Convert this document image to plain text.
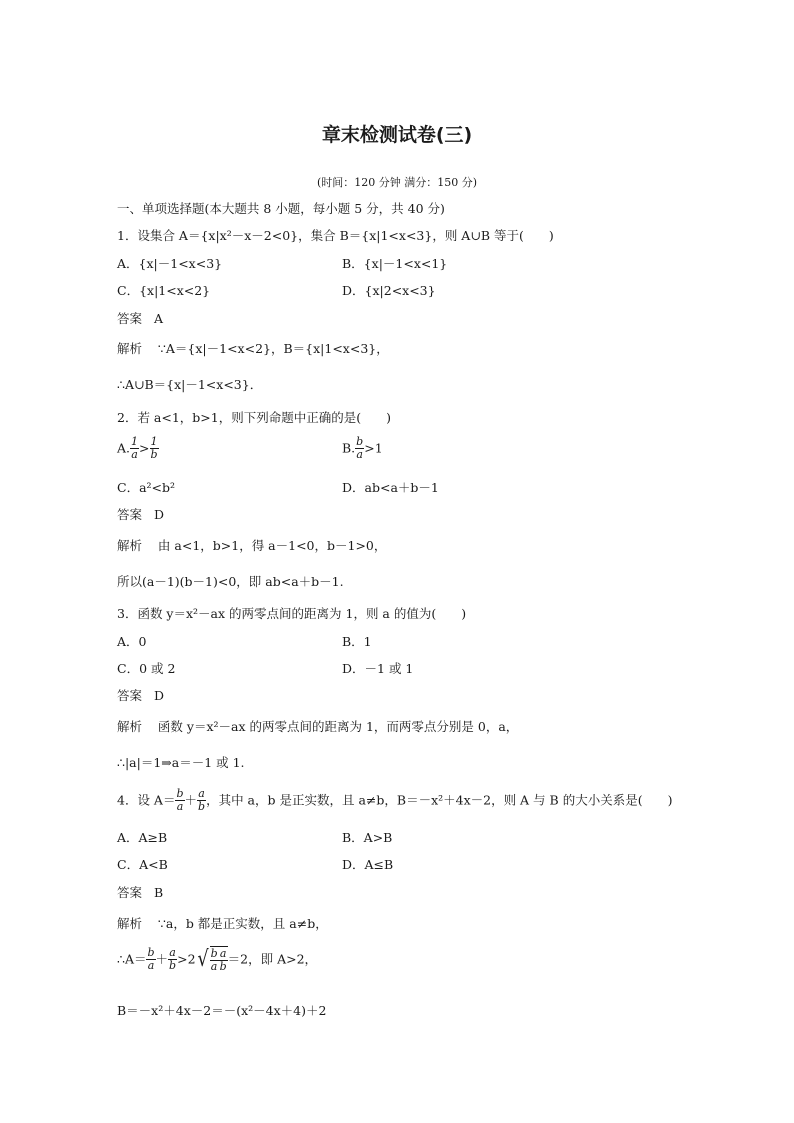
章末检测试卷(三)
(时间：120 分钟 满分：150 分)
一、单项选择题(本大题共 8 小题，每小题 5 分，共 40 分)
1．设集合 A＝{x|x²－x－2<0}，集合 B＝{x|1<x<3}，则 A∪B 等于(　　)
A．{x|－1<x<3}	B．{x|－1<x<1}
C．{x|1<x<2}	D．{x|2<x<3}
答案 A
解析 ∵A＝{x|－1<x<2}，B＝{x|1<x<3}，
∴A∪B＝{x|－1<x<3}．
2．若 a<1，b>1，则下列命题中正确的是(　　)
A. $\frac{1}{a} > \frac{1}{b}$	B. $\frac{b}{a} >1$
C．a²<b²	D．ab<a＋b－1
答案 D
解析 由 a<1，b>1，得 a－1<0，b－1>0，
所以(a－1)(b－1)<0，即 ab<a＋b－1.
3．函数 y＝x²－ax 的两零点间的距离为 1，则 a 的值为(　　)
A．0	B．1
C．0 或 2	D．－1 或 1
答案 D
解析 函数 y＝x²－ax 的两零点间的距离为 1，而两零点分别是 0，a，
∴|a|＝1⇒a＝－1 或 1.
4．设 $A= \frac{b}{a} + \frac{a}{b}$ ，其中 a，b 是正实数，且 a≠b，B＝－x²＋4x－2，则 A 与 B 的大小关系是(　　)
A．A≥B	B．A>B
C．A<B	D．A≤B
答案 B
解析 ∵a，b 都是正实数，且 a≠b，
∴A＝ $\frac{b}{a} + \frac{a}{b} >2√ \frac{b}{a} \frac{a}{b} =2$，即 A>2，
B＝－x²＋4x－2＝－(x²－4x＋4)＋2
